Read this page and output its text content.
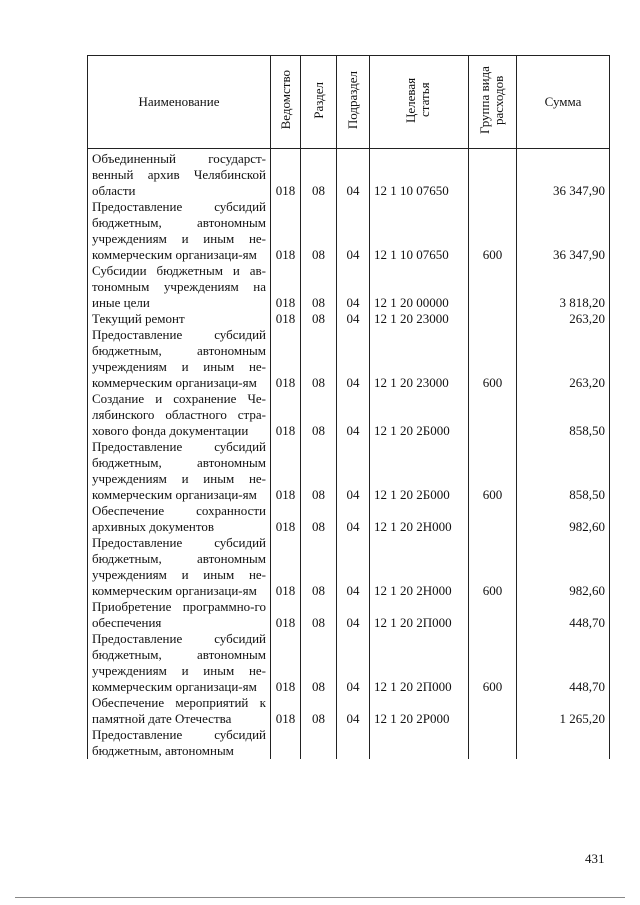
Наименование	Ведомство	Раздел	Подраздел	Целевая статья	Группа вида расходов	Сумма

Объединенный государст-венный архив Челябинской области	018	08	04	12 1 10 07650		36 347,90

Предоставление субсидий бюджетным, автономным учреждениям и иным не-коммерческим организаци-ям	018	08	04	12 1 10 07650	600	36 347,90

Субсидии бюджетным и ав-тономным учреждениям на иные цели	018	08	04	12 1 20 00000		3 818,20

Текущий ремонт	018	08	04	12 1 20 23000		263,20

Предоставление субсидий бюджетным, автономным учреждениям и иным не-коммерческим организаци-ям	018	08	04	12 1 20 23000	600	263,20

Создание и сохранение Че-лябинского областного стра-хового фонда документации	018	08	04	12 1 20 2Б000		858,50

Предоставление субсидий бюджетным, автономным учреждениям и иным не-коммерческим организаци-ям	018	08	04	12 1 20 2Б000	600	858,50

Обеспечение сохранности архивных документов	018	08	04	12 1 20 2Н000		982,60

Предоставление субсидий бюджетным, автономным учреждениям и иным не-коммерческим организаци-ям	018	08	04	12 1 20 2Н000	600	982,60

Приобретение программно-го обеспечения	018	08	04	12 1 20 2П000		448,70

Предоставление субсидий бюджетным, автономным учреждениям и иным не-коммерческим организаци-ям	018	08	04	12 1 20 2П000	600	448,70

Обеспечение мероприятий к памятной дате Отечества	018	08	04	12 1 20 2Р000		1 265,20

Предоставление субсидий бюджетным, автономным						

431
